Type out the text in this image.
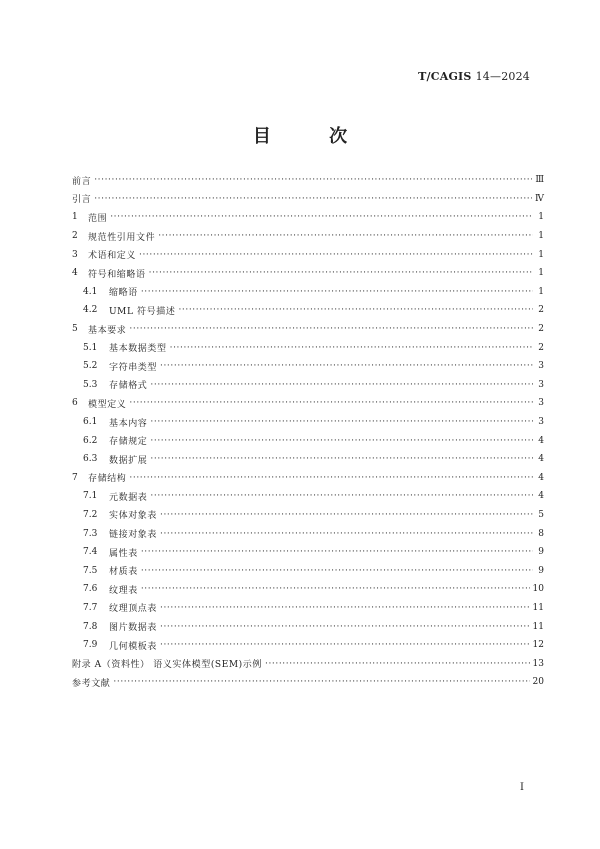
T/CAGIS 14—2024
目 次
前言 ·····	Ⅲ
引言 ·····	Ⅳ
1	范围 ·····	1
2	规范性引用文件 ·····	1
3	术语和定义 ·····	1
4	符号和缩略语 ·····	1
4.1	缩略语 ·····	1
4.2	UML 符号描述 ·····	2
5	基本要求 ·····	2
5.1	基本数据类型 ·····	2
5.2	字符串类型 ·····	3
5.3	存储格式 ·····	3
6	模型定义 ·····	3
6.1	基本内容 ·····	3
6.2	存储规定 ·····	4
6.3	数据扩展 ·····	4
7	存储结构 ·····	4
7.1	元数据表 ·····	4
7.2	实体对象表 ·····	5
7.3	链接对象表 ·····	8
7.4	属性表 ·····	9
7.5	材质表 ·····	9
7.6	纹理表 ·····	10
7.7	纹理顶点表 ·····	11
7.8	图片数据表 ·····	11
7.9	几何模板表 ·····	12
附录 A（资料性） 语义实体模型(SEM)示例 ·····	13
参考文献 ·····	20
Ⅰ
